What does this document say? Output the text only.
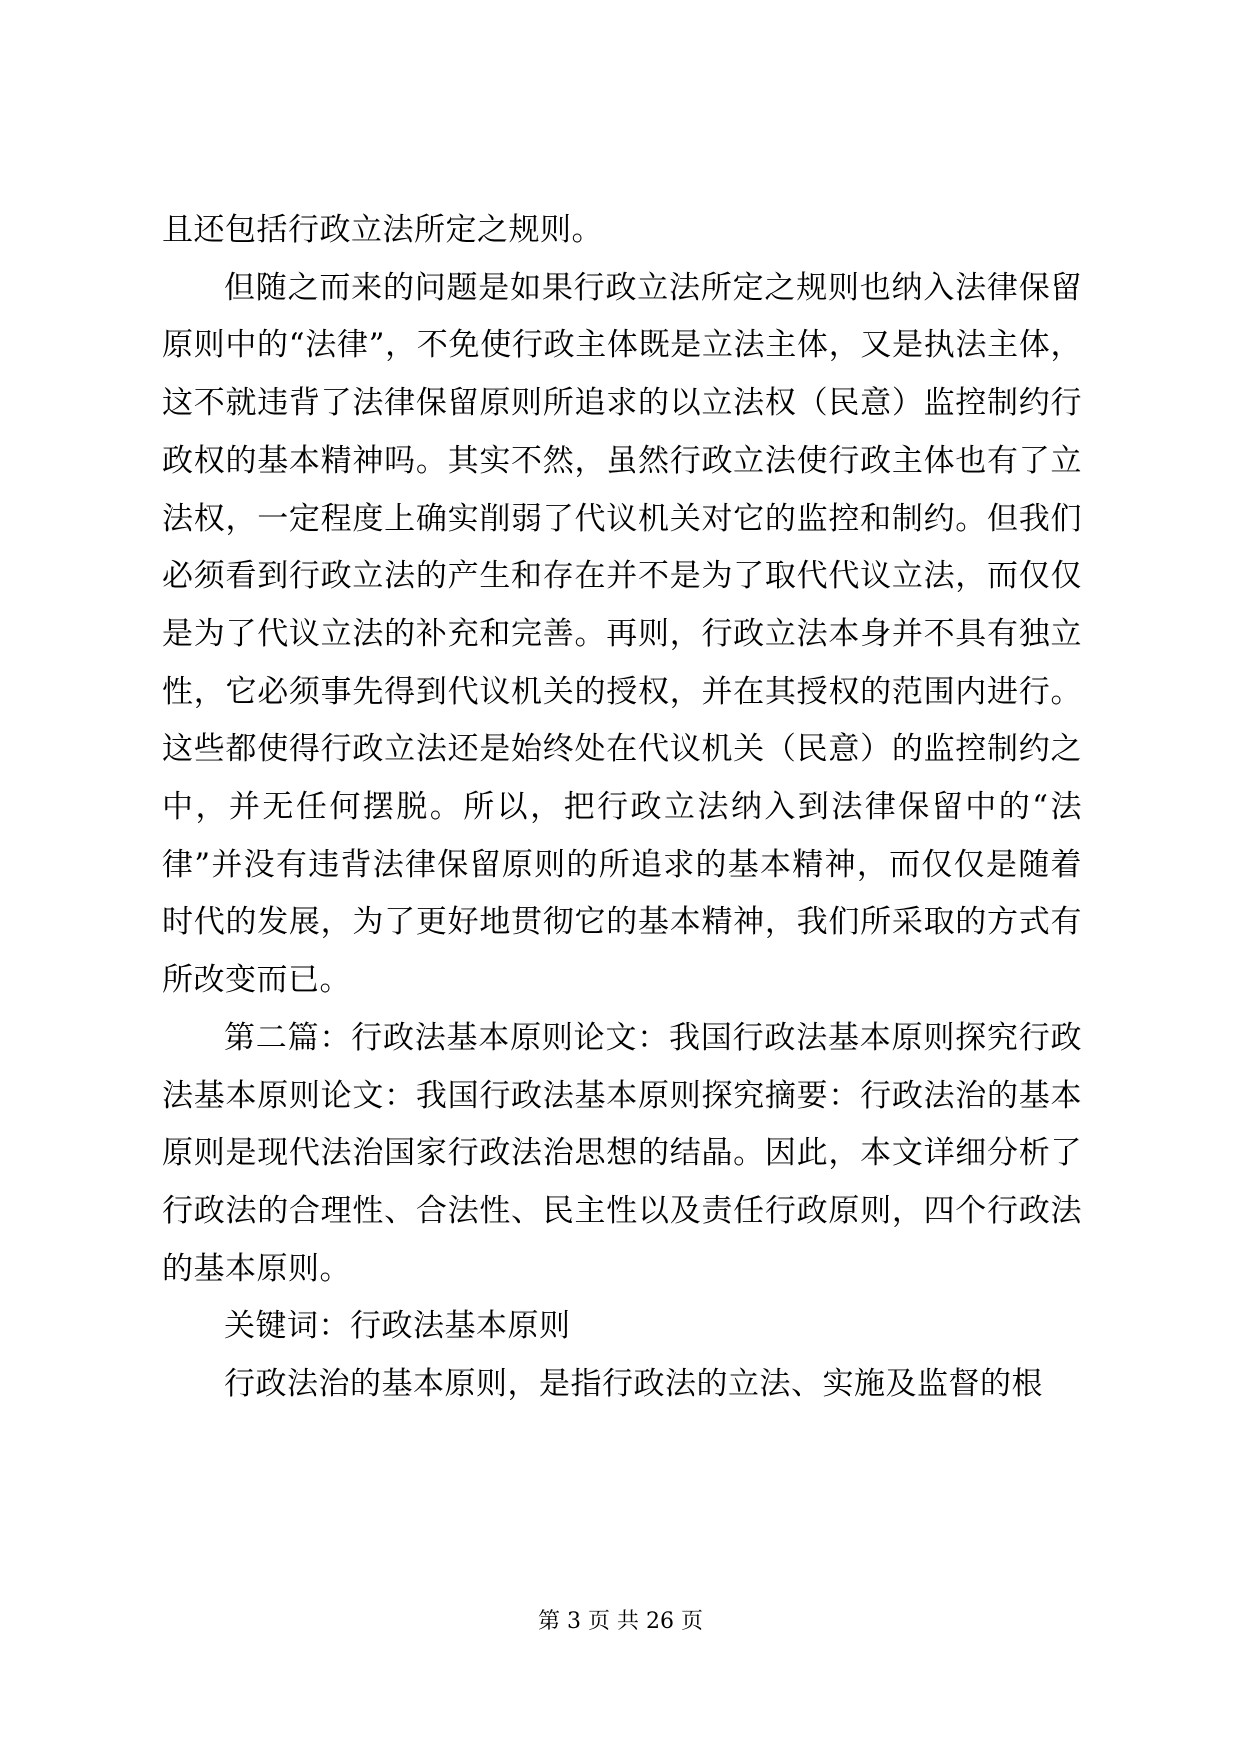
且还包括行政立法所定之规则。

但随之而来的问题是如果行政立法所定之规则也纳入法律保留原则中的“法律”，不免使行政主体既是立法主体，又是执法主体，这不就违背了法律保留原则所追求的以立法权（民意）监控制约行政权的基本精神吗。其实不然，虽然行政立法使行政主体也有了立法权，一定程度上确实削弱了代议机关对它的监控和制约。但我们必须看到行政立法的产生和存在并不是为了取代代议立法，而仅仅是为了代议立法的补充和完善。再则，行政立法本身并不具有独立性，它必须事先得到代议机关的授权，并在其授权的范围内进行。这些都使得行政立法还是始终处在代议机关（民意）的监控制约之中，并无任何摆脱。所以，把行政立法纳入到法律保留中的“法律”并没有违背法律保留原则的所追求的基本精神，而仅仅是随着时代的发展，为了更好地贯彻它的基本精神，我们所采取的方式有所改变而已。

第二篇：行政法基本原则论文：我国行政法基本原则探究行政法基本原则论文：我国行政法基本原则探究摘要：行政法治的基本原则是现代法治国家行政法治思想的结晶。因此，本文详细分析了行政法的合理性、合法性、民主性以及责任行政原则，四个行政法的基本原则。

关键词：行政法基本原则

行政法治的基本原则，是指行政法的立法、实施及监督的根

第 3 页 共 26 页
